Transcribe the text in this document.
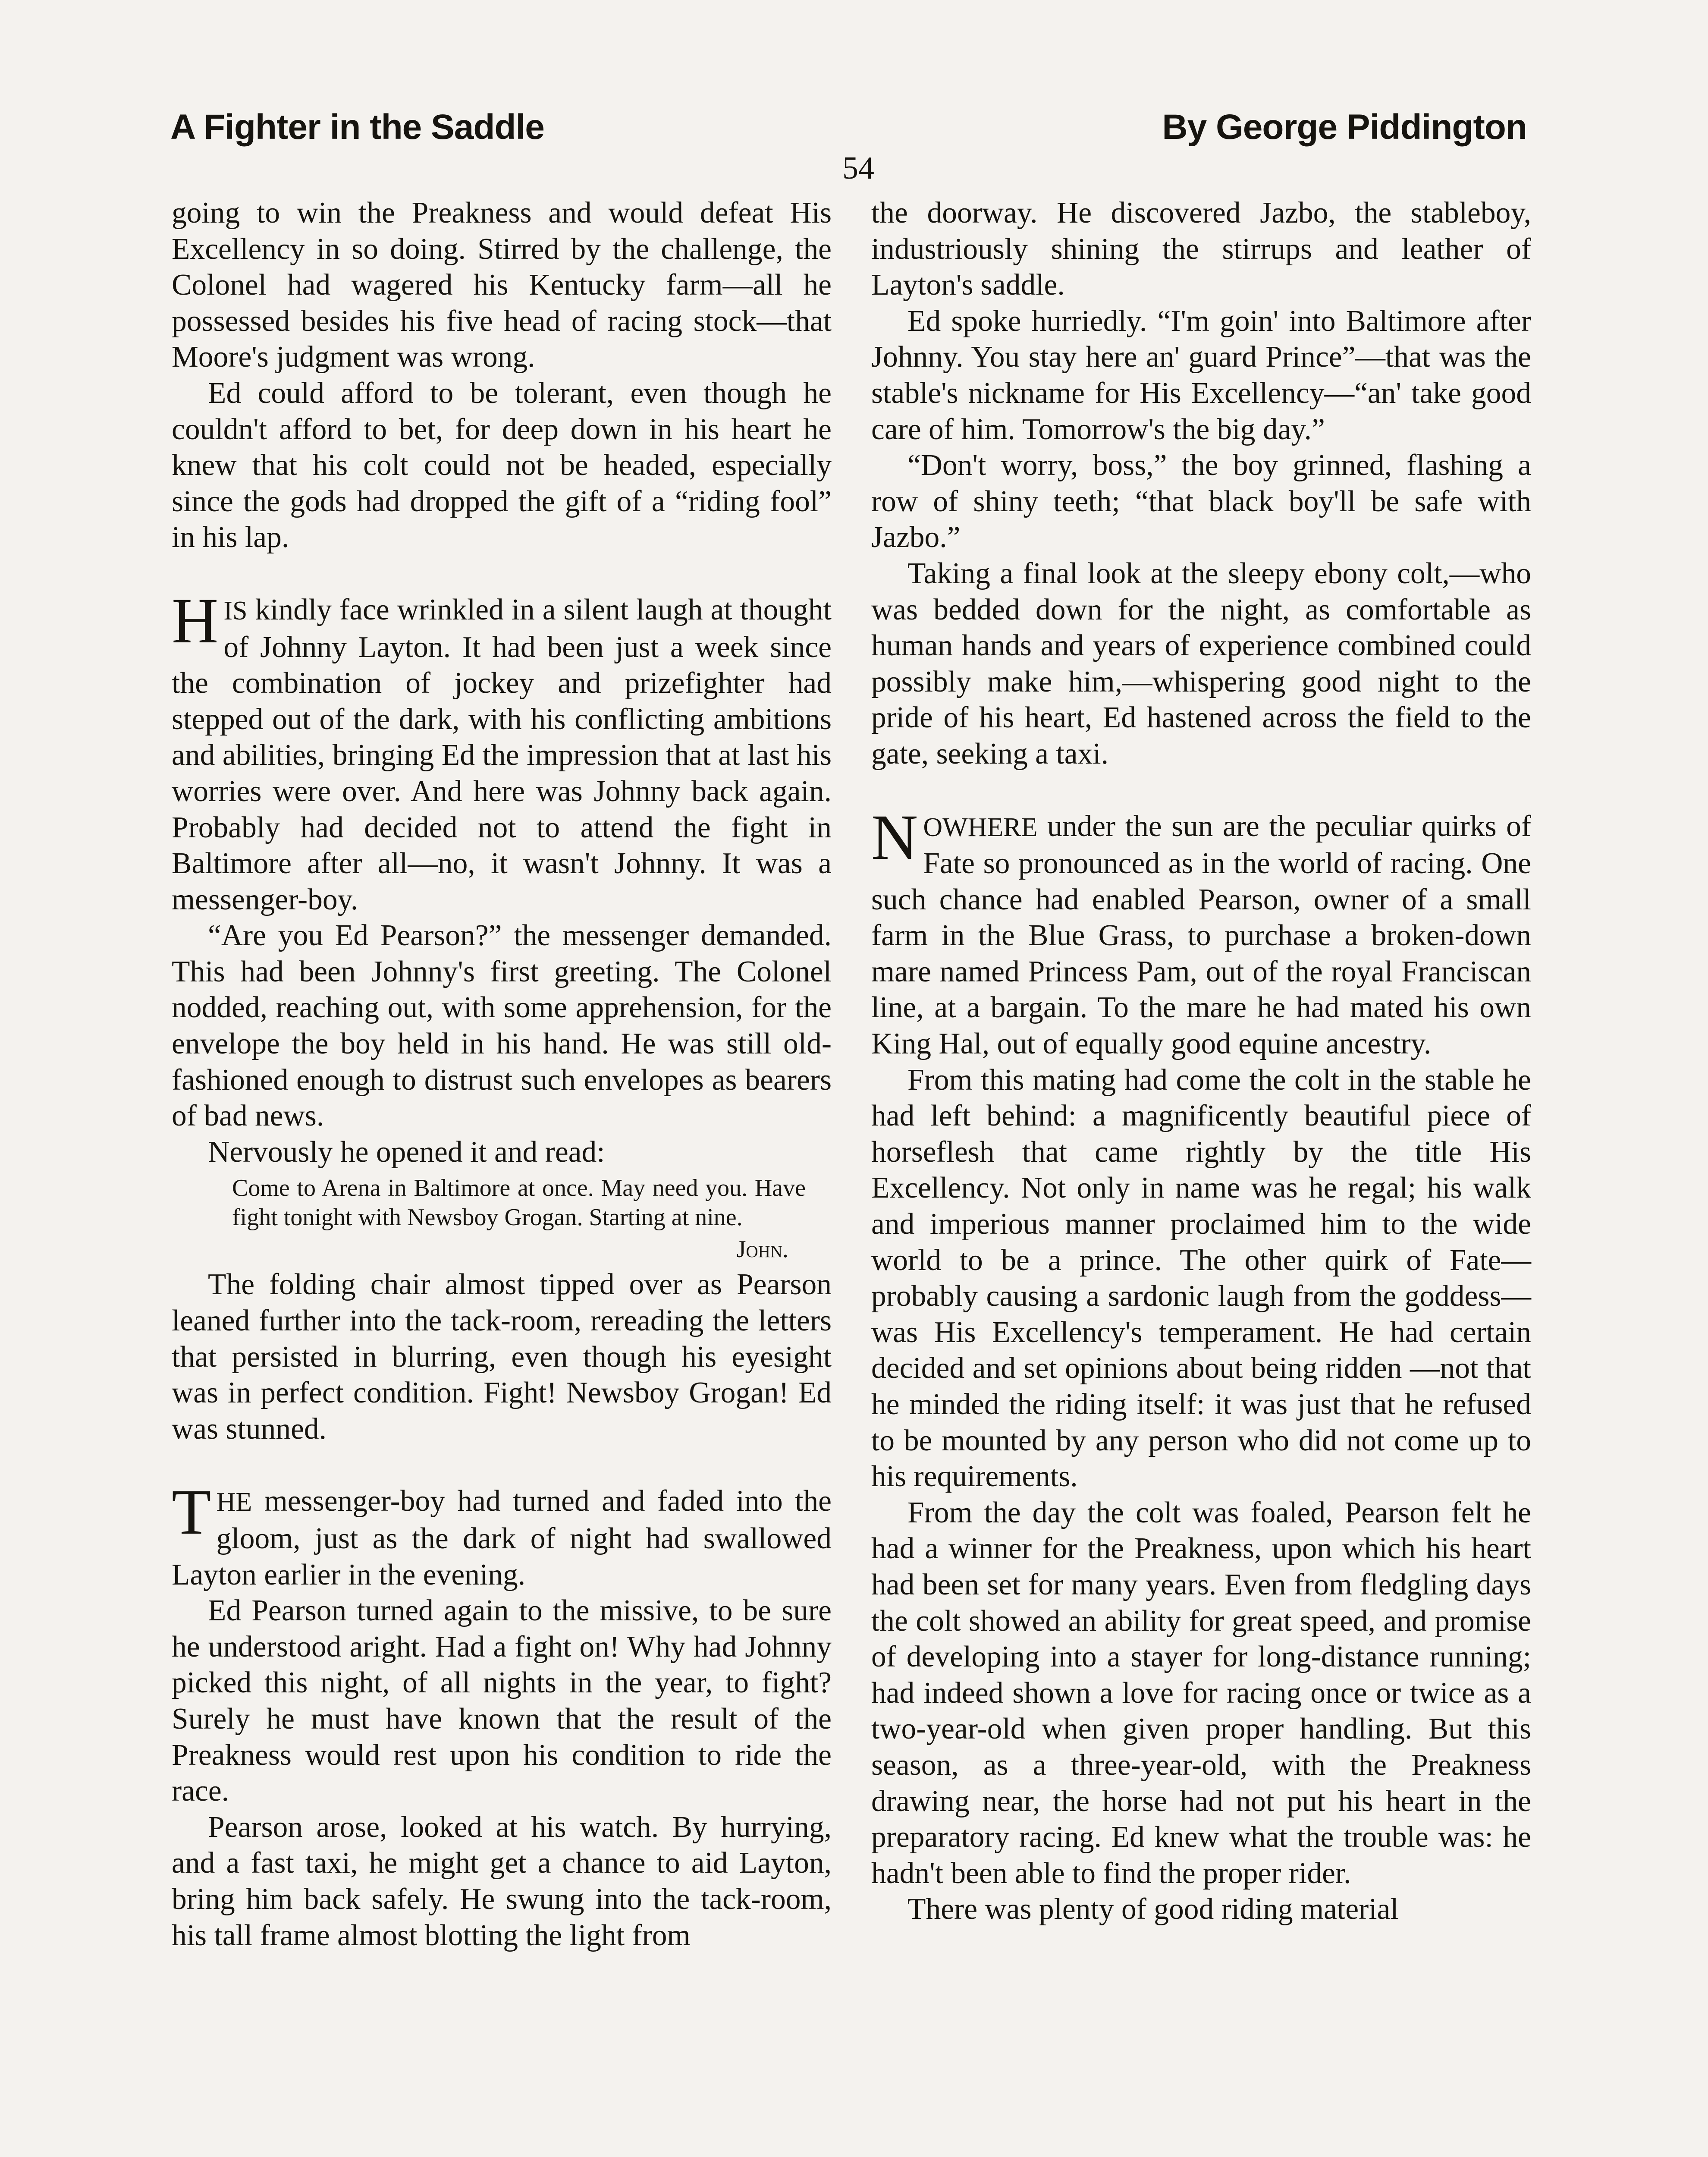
A Fighter in the Saddle	By George Piddington
54

going to win the Preakness and would defeat His Excellency in so doing. Stirred by the challenge, the Colonel had wagered his Kentucky farm—all he possessed besides his five head of racing stock—that Moore's judgment was wrong.

Ed could afford to be tolerant, even though he couldn't afford to bet, for deep down in his heart he knew that his colt could not be headed, especially since the gods had dropped the gift of a “riding fool” in his lap.

HIS kindly face wrinkled in a silent laugh at thought of Johnny Layton. It had been just a week since the combination of jockey and prizefighter had stepped out of the dark, with his conflicting ambitions and abilities, bringing Ed the impression that at last his worries were over. And here was Johnny back again. Probably had decided not to attend the fight in Baltimore after all—no, it wasn't Johnny. It was a messenger-boy.

“Are you Ed Pearson?” the messenger demanded. This had been Johnny's first greeting. The Colonel nodded, reaching out, with some apprehension, for the envelope the boy held in his hand. He was still old-fashioned enough to distrust such envelopes as bearers of bad news.

Nervously he opened it and read:

Come to Arena in Baltimore at once. May need you. Have fight tonight with Newsboy Grogan. Starting at nine.
John.

The folding chair almost tipped over as Pearson leaned further into the tack-room, rereading the letters that persisted in blurring, even though his eyesight was in perfect condition. Fight! Newsboy Grogan! Ed was stunned.

THE messenger-boy had turned and faded into the gloom, just as the dark of night had swallowed Layton earlier in the evening.

Ed Pearson turned again to the missive, to be sure he understood aright. Had a fight on! Why had Johnny picked this night, of all nights in the year, to fight? Surely he must have known that the result of the Preakness would rest upon his condition to ride the race.

Pearson arose, looked at his watch. By hurrying, and a fast taxi, he might get a chance to aid Layton, bring him back safely. He swung into the tack-room, his tall frame almost blotting the light from

the doorway. He discovered Jazbo, the stableboy, industriously shining the stirrups and leather of Layton's saddle.

Ed spoke hurriedly. “I'm goin' into Baltimore after Johnny. You stay here an' guard Prince”—that was the stable's nickname for His Excellency—“an' take good care of him. Tomorrow's the big day.”

“Don't worry, boss,” the boy grinned, flashing a row of shiny teeth; “that black boy'll be safe with Jazbo.”

Taking a final look at the sleepy ebony colt,—who was bedded down for the night, as comfortable as human hands and years of experience combined could possibly make him,—whispering good night to the pride of his heart, Ed hastened across the field to the gate, seeking a taxi.

NOWHERE under the sun are the peculiar quirks of Fate so pronounced as in the world of racing. One such chance had enabled Pearson, owner of a small farm in the Blue Grass, to purchase a broken-down mare named Princess Pam, out of the royal Franciscan line, at a bargain. To the mare he had mated his own King Hal, out of equally good equine ancestry.

From this mating had come the colt in the stable he had left behind: a magnificently beautiful piece of horseflesh that came rightly by the title His Excellency. Not only in name was he regal; his walk and imperious manner proclaimed him to the wide world to be a prince. The other quirk of Fate—probably causing a sardonic laugh from the goddess—was His Excellency's temperament. He had certain decided and set opinions about being ridden —not that he minded the riding itself: it was just that he refused to be mounted by any person who did not come up to his requirements.

From the day the colt was foaled, Pearson felt he had a winner for the Preakness, upon which his heart had been set for many years. Even from fledgling days the colt showed an ability for great speed, and promise of developing into a stayer for long-distance running; had indeed shown a love for racing once or twice as a two-year-old when given proper handling. But this season, as a three-year-old, with the Preakness drawing near, the horse had not put his heart in the preparatory racing. Ed knew what the trouble was: he hadn't been able to find the proper rider.

There was plenty of good riding material
